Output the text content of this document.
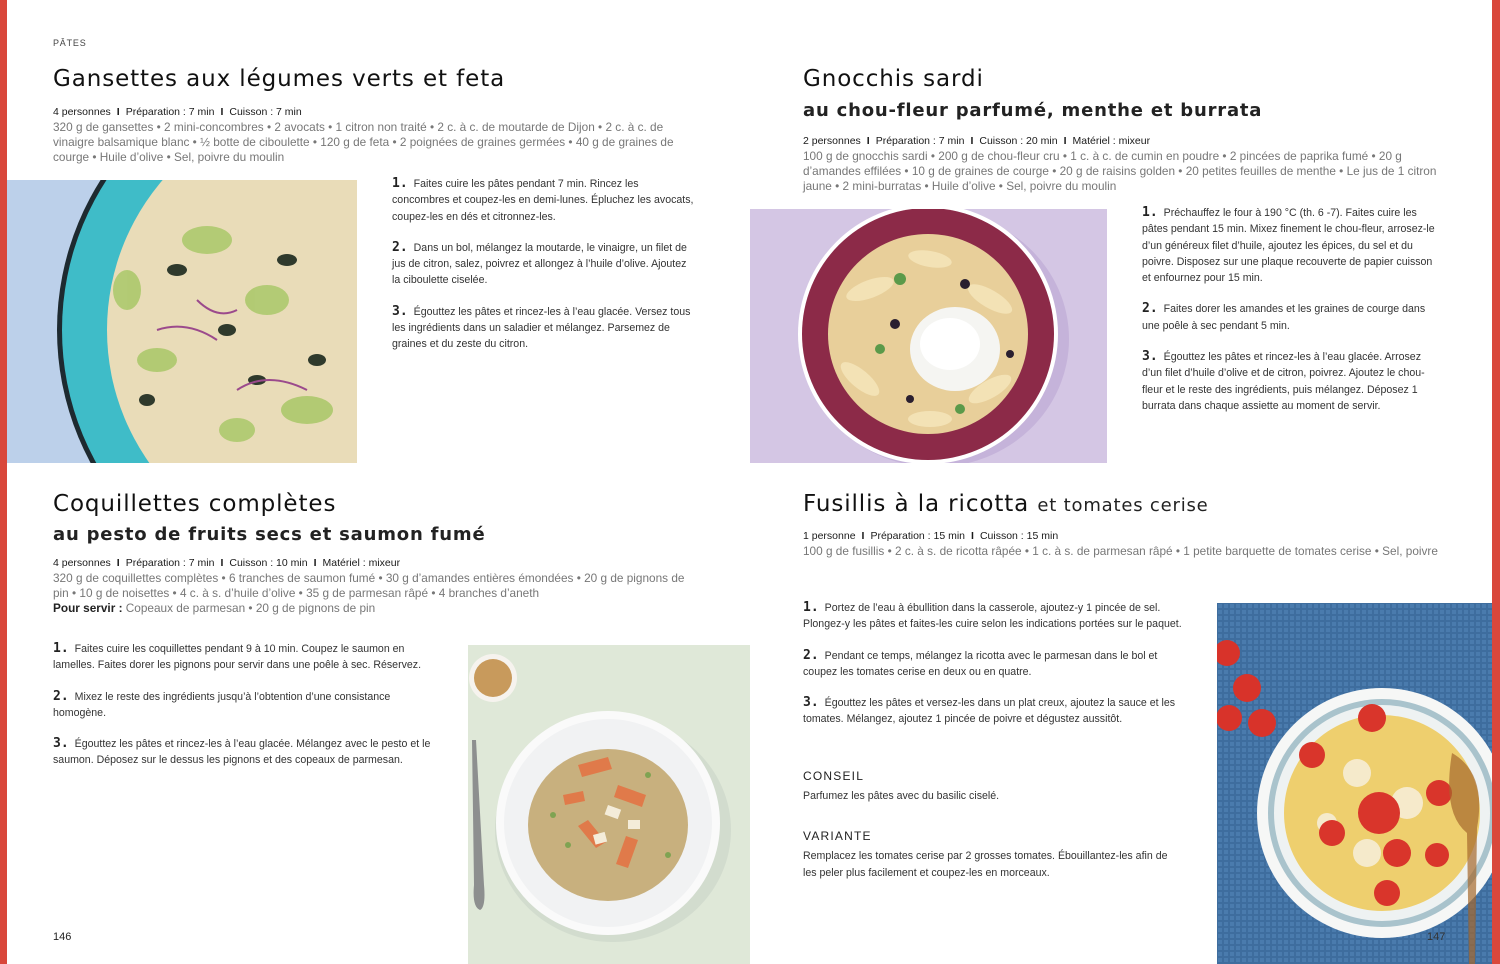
PÂTES
Gansettes aux légumes verts et feta
4 personnes I Préparation : 7 min I Cuisson : 7 min

320 g de gansettes • 2 mini-concombres • 2 avocats • 1 citron non traité • 2 c. à c. de moutarde de Dijon • 2 c. à c. de vinaigre balsamique blanc • ½ botte de ciboulette • 120 g de feta • 2 poignées de graines germées • 40 g de graines de courge • Huile d’olive • Sel, poivre du moulin

1. Faites cuire les pâtes pendant 7 min. Rincez les concombres et coupez-les en demi-lunes. Épluchez les avocats, coupez-les en dés et citronnez-les.

2. Dans un bol, mélangez la moutarde, le vinaigre, un filet de jus de citron, salez, poivrez et allongez à l’huile d’olive. Ajoutez la ciboulette ciselée.

3. Égouttez les pâtes et rincez-les à l’eau glacée. Versez tous les ingrédients dans un saladier et mélangez. Parsemez de graines et du zeste du citron.

Gnocchis sardi
au chou-fleur parfumé, menthe et burrata
2 personnes I Préparation : 7 min I Cuisson : 20 min I Matériel : mixeur

100 g de gnocchis sardi • 200 g de chou-fleur cru • 1 c. à c. de cumin en poudre • 2 pincées de paprika fumé • 20 g d’amandes effilées • 10 g de graines de courge • 20 g de raisins golden • 20 petites feuilles de menthe • Le jus de 1 citron jaune • 2 mini-burratas • Huile d’olive • Sel, poivre du moulin

1. Préchauffez le four à 190 °C (th. 6 -7). Faites cuire les pâtes pendant 15 min. Mixez finement le chou-fleur, arrosez-le d’un généreux filet d’huile, ajoutez les épices, du sel et du poivre. Disposez sur une plaque recouverte de papier cuisson et enfournez pour 15 min.

2. Faites dorer les amandes et les graines de courge dans une poêle à sec pendant 5 min.

3. Égouttez les pâtes et rincez-les à l’eau glacée. Arrosez d’un filet d’huile d’olive et de citron, poivrez. Ajoutez le chou-fleur et le reste des ingrédients, puis mélangez. Déposez 1 burrata dans chaque assiette au moment de servir.

Coquillettes complètes
au pesto de fruits secs et saumon fumé
4 personnes I Préparation : 7 min I Cuisson : 10 min I Matériel : mixeur

320 g de coquillettes complètes • 6 tranches de saumon fumé • 30 g d’amandes entières émondées • 20 g de pignons de pin • 10 g de noisettes • 4 c. à s. d’huile d’olive • 35 g de parmesan râpé • 4 branches d’aneth
Pour servir : Copeaux de parmesan • 20 g de pignons de pin

1. Faites cuire les coquillettes pendant 9 à 10 min. Coupez le saumon en lamelles. Faites dorer les pignons pour servir dans une poêle à sec. Réservez.

2. Mixez le reste des ingrédients jusqu’à l’obtention d’une consistance homogène.

3. Égouttez les pâtes et rincez-les à l’eau glacée. Mélangez avec le pesto et le saumon. Déposez sur le dessus les pignons et des copeaux de parmesan.

Fusillis à la ricotta et tomates cerise
1 personne I Préparation : 15 min I Cuisson : 15 min

100 g de fusillis • 2 c. à s. de ricotta râpée • 1 c. à s. de parmesan râpé • 1 petite barquette de tomates cerise • Sel, poivre

1. Portez de l’eau à ébullition dans la casserole, ajoutez-y 1 pincée de sel. Plongez-y les pâtes et faites-les cuire selon les indications portées sur le paquet.

2. Pendant ce temps, mélangez la ricotta avec le parmesan dans le bol et coupez les tomates cerise en deux ou en quatre.

3. Égouttez les pâtes et versez-les dans un plat creux, ajoutez la sauce et les tomates. Mélangez, ajoutez 1 pincée de poivre et dégustez aussitôt.

CONSEIL

Parfumez les pâtes avec du basilic ciselé.

VARIANTE

Remplacez les tomates cerise par 2 grosses tomates. Ébouillantez-les afin de les peler plus facilement et coupez-les en morceaux.

146	147
